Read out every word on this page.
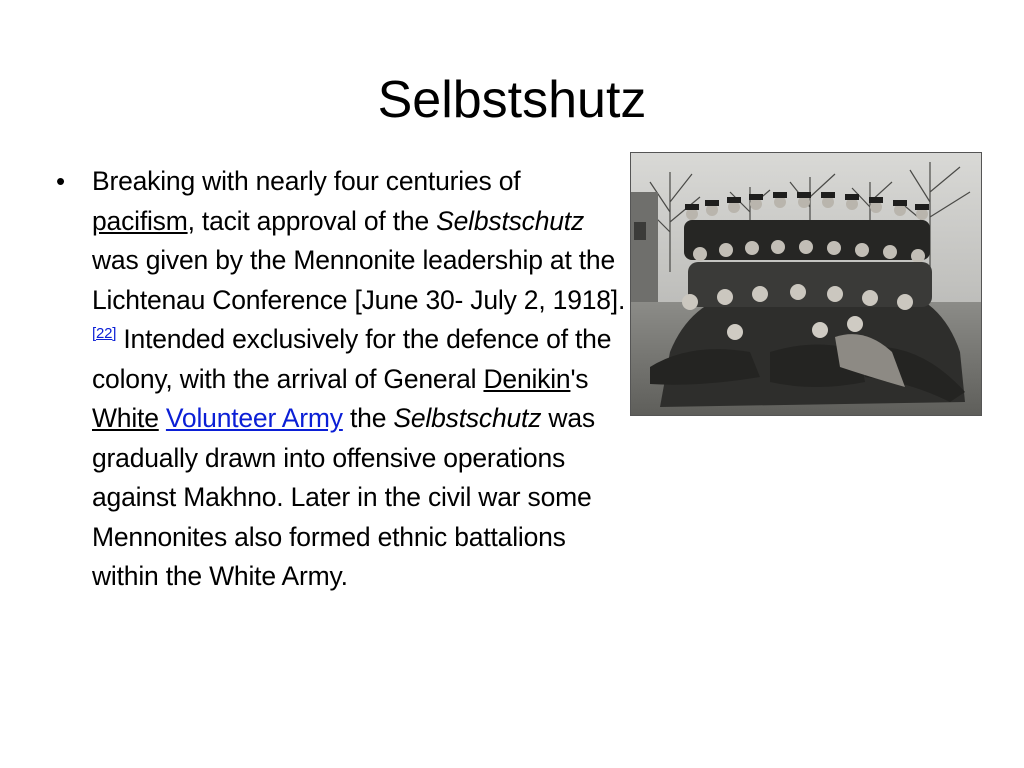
Selbstshutz
• Breaking with nearly four centuries of pacifism, tacit approval of the Selbstschutz was given by the Mennonite leadership at the Lichtenau Conference [June 30- July 2, 1918].[22] Intended exclusively for the defence of the colony, with the arrival of General Denikin's White Volunteer Army the Selbstschutz was gradually drawn into offensive operations against Makhno. Later in the civil war some Mennonites also formed ethnic battalions within the White Army.
